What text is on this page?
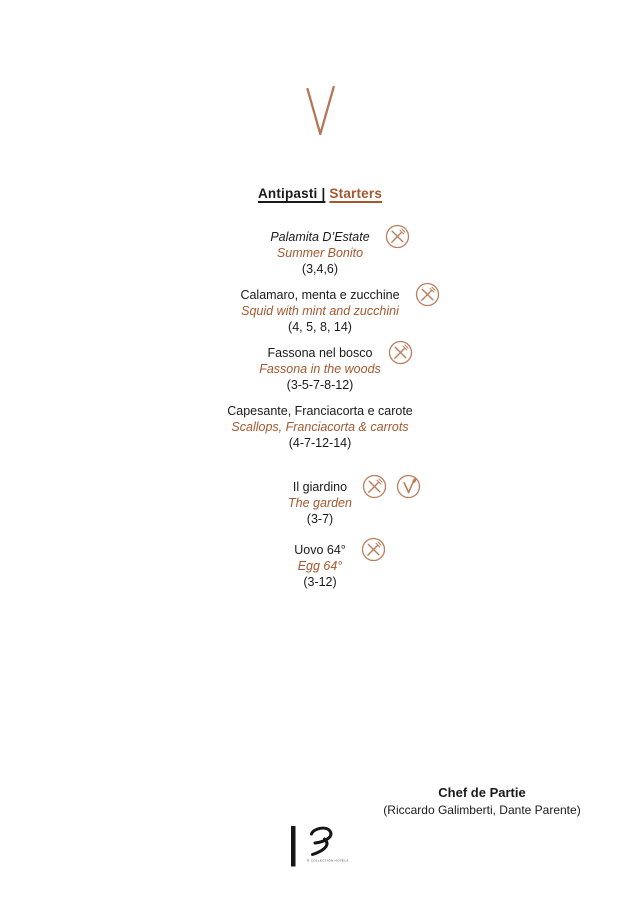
Antipasti | Starters
Palamita D’Estate
Summer Bonito
(3,4,6)
Calamaro, menta e zucchine
Squid with mint and zucchini
(4, 5, 8, 14)
Fassona nel bosco
Fassona in the woods
(3-5-7-8-12)
Capesante, Franciacorta e carote
Scallops, Franciacorta & carrots
(4-7-12-14)
Il giardino
The garden
(3-7)
Uovo 64°
Egg 64°
(3-12)
Chef de Partie
(Riccardo Galimberti, Dante Parente)
R COLLECTION HOTELS
